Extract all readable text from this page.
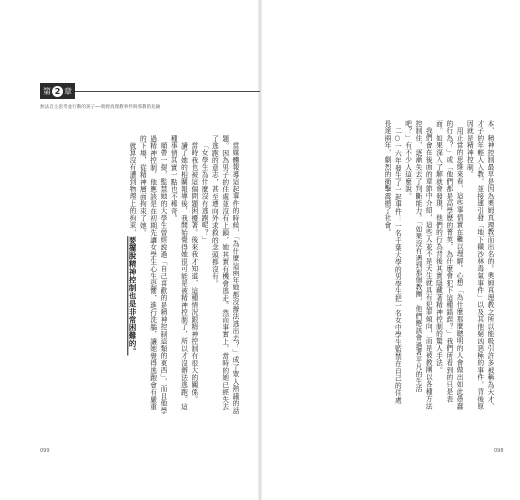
本，精神控制最早是因為奧姆真理教而出名的。奧姆真理教之所以能吸引許多被稱為天才、才子的年輕人入教，並接連引發「地下鐵沙林毒氣事件」以及其他窮凶惡極的事件，背後原因就是精神控制。

用正常的思維來看，這些事情實在難以理解。心想「為什麼那麼聰明的人會做出如此愚蠢的行為？」或「他們都是高學歷的菁英，為什麼會犯下這種錯誤？」我們所看到的只是表面。如果深入了解就會發現，他們的行為背後其實隱藏著精神控制的驚人手法。

我們會在後面的章節中介紹，這些人並不是天生就具有犯罪傾向，而是被教團以各種方法控制住，逐漸失去了判斷能力。「如果沒有遇到那個教團，他們應該會過著平凡的生活吧？」有不少人這麼說。

二○一六年發生了一起事件：一名千葉大學的男學生把一名女中學生監禁在自己的住處長達兩年，劇烈的衝擊震撼了社會。

098
第 2 章
無法自主思考並行動的孩子──奧姆真理教事件與邪教的危險

當媒體報導這起事件的時候，「為什麼這兩年她都沒辦法逃出去？」成了眾人熱議的話題。因為男子的住處並沒有上鎖，她其實有機會逃走。然而事實上，當時的她已經失去了逃跑的意志，甚至連向外求救的念頭都沒有。

「女學生為什麼沒有逃跑呢？」

當時我也被這個問題困擾著。後來我才知道，這種情況跟精神控制有很大的關係。

讀了她的相關報導後，我開始覺得她很可能是被精神控制了，所以才沒辦法逃跑。這種事情其實一點也不稀奇。

順帶一提，監禁她的大學生曾經說過「自己喜歡的是精神控制這類的東西」，而且他學過精神控制，他應該是在初期先讓女學生心生恐懼，進行洗腦，讓她覺得逃跑會有嚴重的下場，從精神層面拘束了她。

就算沒有遭到物理上的拘束，要擺脫精神控制也是非常困難的。

099
